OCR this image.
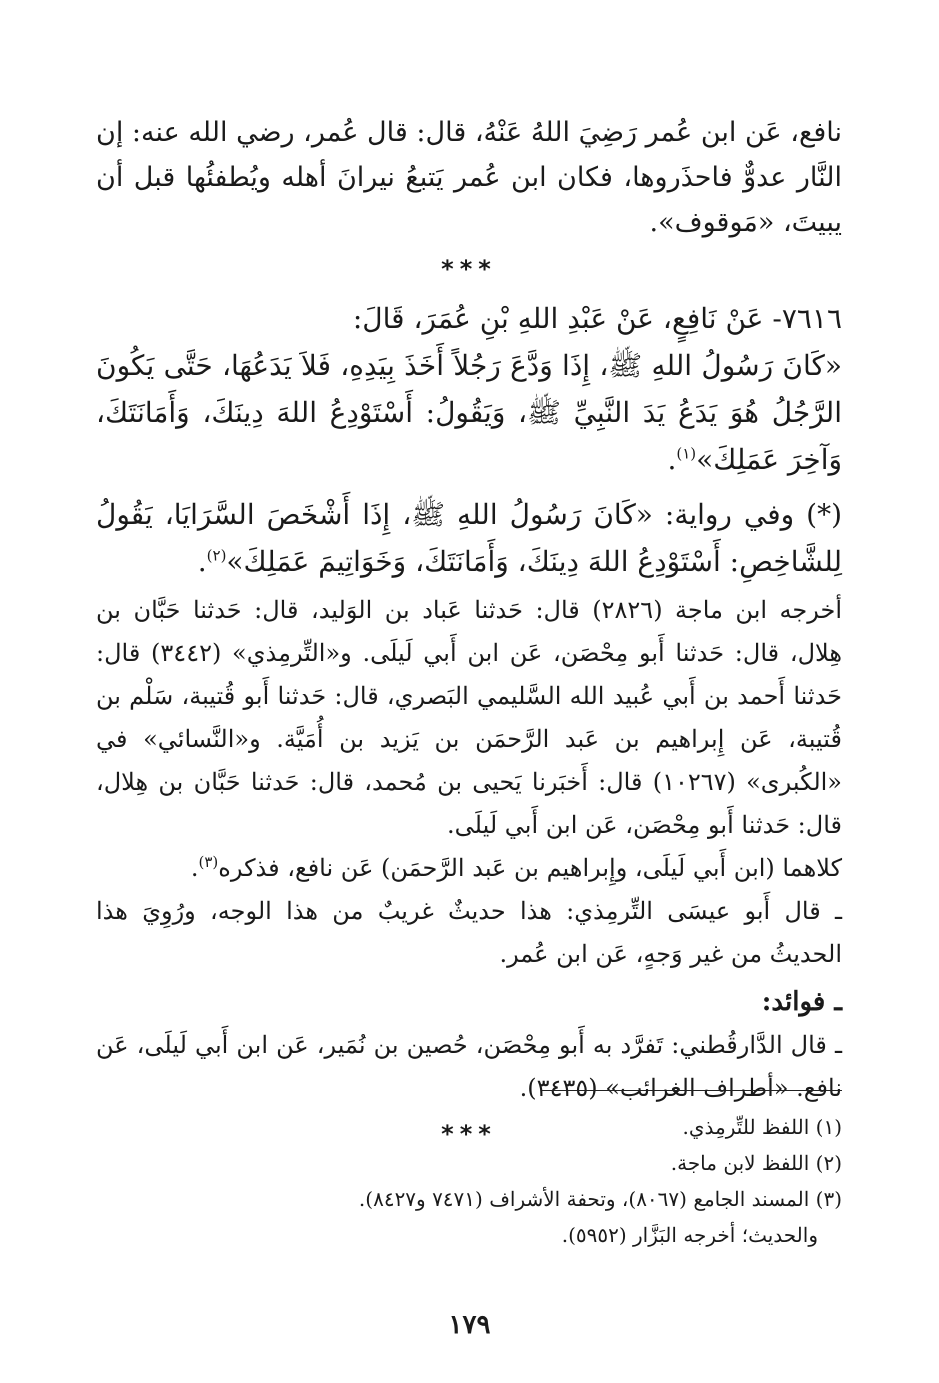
نافع، عَن ابن عُمر رَضِيَ اللهُ عَنْهُ، قال: قال عُمر، رضي الله عنه: إن النَّار عدوٌّ فاحذَروها، فكان ابن عُمر يَتبعُ نيرانَ أهله ويُطفئُها قبل أن يبيتَ، «مَوقوف».

***

٧٦١٦- عَنْ نَافِعٍ، عَنْ عَبْدِ اللهِ بْنِ عُمَرَ، قَالَ:

«كَانَ رَسُولُ اللهِ ﷺ، إِذَا وَدَّعَ رَجُلاً أَخَذَ بِيَدِهِ، فَلاَ يَدَعُهَا، حَتَّى يَكُونَ الرَّجُلُ هُوَ يَدَعُ يَدَ النَّبِيِّ ﷺ، وَيَقُولُ: أَسْتَوْدِعُ اللهَ دِينَكَ، وَأَمَانَتَكَ، وَآخِرَ عَمَلِكَ»$^{(١)}$.

(*) وفي رواية: «كَانَ رَسُولُ اللهِ ﷺ، إِذَا أَشْخَصَ السَّرَايَا، يَقُولُ لِلشَّاخِصِ: أَسْتَوْدِعُ اللهَ دِينَكَ، وَأَمَانَتَكَ، وَخَوَاتِيمَ عَمَلِكَ»$^{(٢)}$.

أخرجه ابن ماجة (٢٨٢٦) قال: حَدثنا عَباد بن الوَليد، قال: حَدثنا حَبَّان بن هِلال، قال: حَدثنا أَبو مِحْصَن، عَن ابن أَبي لَيلَى. و«التِّرمِذي» (٣٤٤٢) قال: حَدثنا أَحمد بن أَبي عُبيد الله السَّليمي البَصري، قال: حَدثنا أَبو قُتيبة، سَلْم بن قُتيبة، عَن إِبراهيم بن عَبد الرَّحمَن بن يَزيد بن أُمَيَّة. و«النَّسائي» في «الكُبرى» (١٠٢٦٧) قال: أَخبَرنا يَحيى بن مُحمد، قال: حَدثنا حَبَّان بن هِلال، قال: حَدثنا أَبو مِحْصَن، عَن ابن أَبي لَيلَى.

كلاهما (ابن أَبي لَيلَى، وإِبراهيم بن عَبد الرَّحمَن) عَن نافع، فذكره$^{(٣)}$.

ـ قال أَبو عيسَى التِّرمِذي: هذا حديثٌ غريبٌ من هذا الوجه، ورُوِيَ هذا الحديثُ من غير وَجهٍ، عَن ابن عُمر.

ـ فوائد:

ـ قال الدَّارقُطني: تَفرَّد به أَبو مِحْصَن، حُصين بن نُمَير، عَن ابن أَبي لَيلَى، عَن نافع. «أطراف الغرائب» (٣٤٣٥).

***	(١) اللفظ للتِّرمِذي.

(٢) اللفظ لابن ماجة.

(٣) المسند الجامع (٨٠٦٧)، وتحفة الأشراف (٧٤٧١ و٨٤٢٧).

والحديث؛ أخرجه البَزَّار (٥٩٥٢).

١٧٩
